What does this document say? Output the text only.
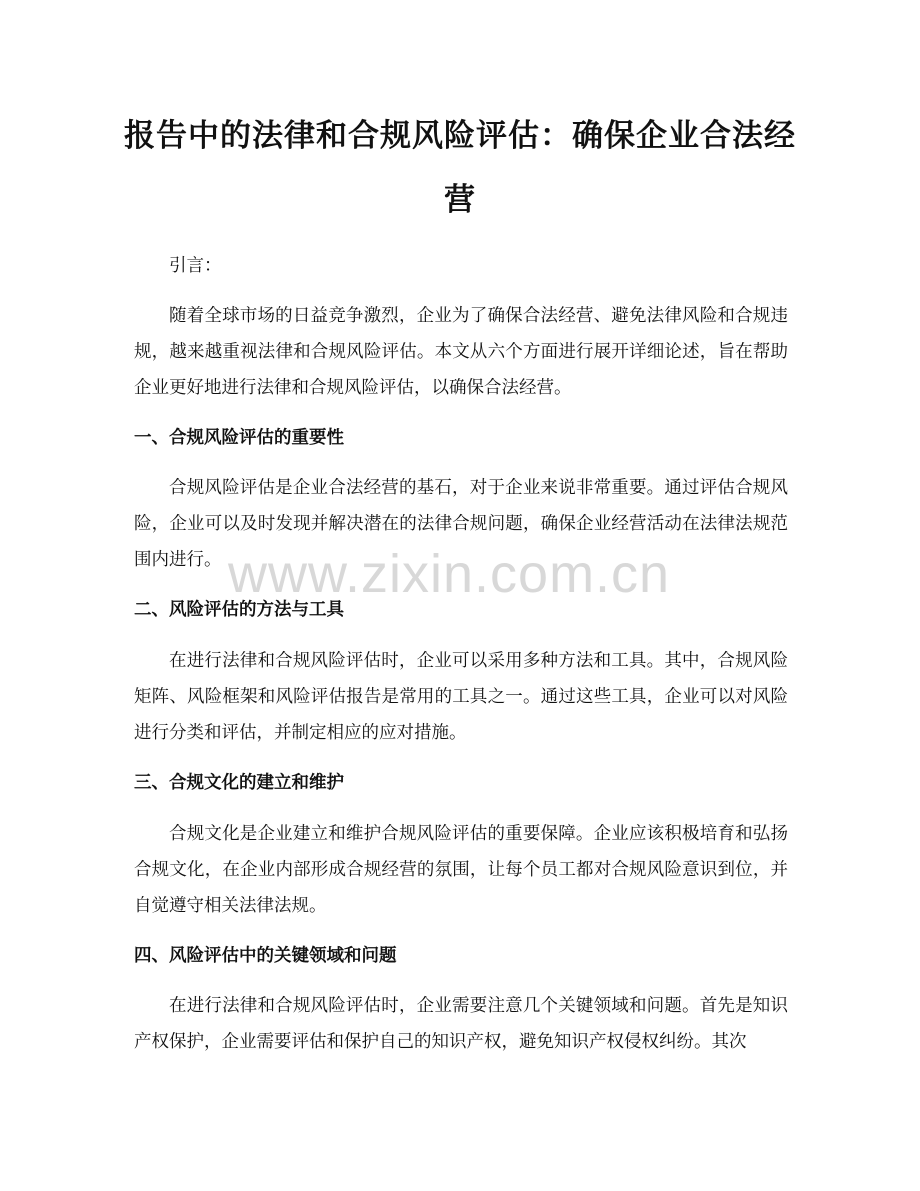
报告中的法律和合规风险评估：确保企业合法经营

引言：

随着全球市场的日益竞争激烈，企业为了确保合法经营、避免法律风险和合规违规，越来越重视法律和合规风险评估。本文从六个方面进行展开详细论述，旨在帮助企业更好地进行法律和合规风险评估，以确保合法经营。

一、合规风险评估的重要性

合规风险评估是企业合法经营的基石，对于企业来说非常重要。通过评估合规风险，企业可以及时发现并解决潜在的法律合规问题，确保企业经营活动在法律法规范围内进行。

二、风险评估的方法与工具

在进行法律和合规风险评估时，企业可以采用多种方法和工具。其中，合规风险矩阵、风险框架和风险评估报告是常用的工具之一。通过这些工具，企业可以对风险进行分类和评估，并制定相应的应对措施。

三、合规文化的建立和维护

合规文化是企业建立和维护合规风险评估的重要保障。企业应该积极培育和弘扬合规文化，在企业内部形成合规经营的氛围，让每个员工都对合规风险意识到位，并自觉遵守相关法律法规。

四、风险评估中的关键领域和问题

在进行法律和合规风险评估时，企业需要注意几个关键领域和问题。首先是知识产权保护，企业需要评估和保护自己的知识产权，避免知识产权侵权纠纷。其次

www.zixin.com.cn
